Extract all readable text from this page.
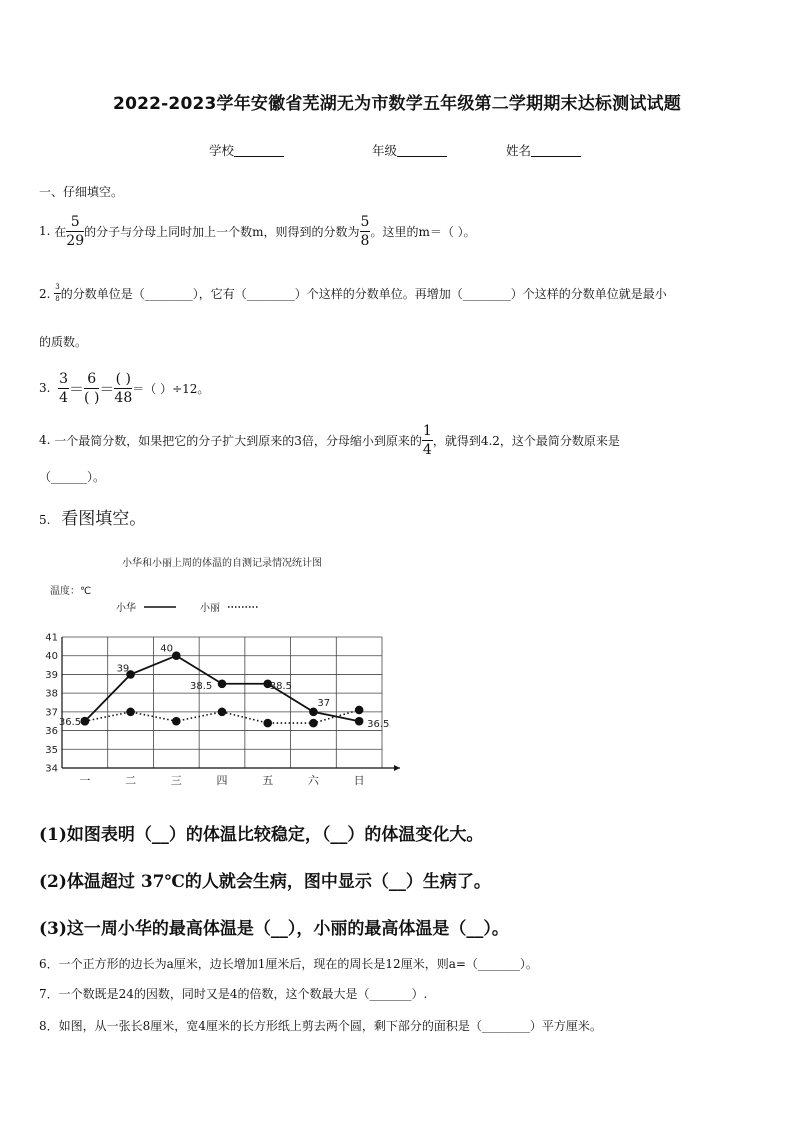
2022-2023学年安徽省芜湖无为市数学五年级第二学期期末达标测试试题
学校	年级	姓名
一、仔细填空。
1.
在 $\frac{5}{29}$ 的分子与分母上同时加上一个数m，则得到的分数为 $\frac{5}{8}$ 。这里的m＝（ ）。
2.
$\frac{3}{8}$ 的分数单位是（________），它有（________）个这样的分数单位。再增加（________）个这样的分数单位就是最小
的质数。
3.
$\frac{3}{4} = \frac{6}{( )} = \frac{( )}{48}$ ＝（ ）÷12。
4.
一个最简分数，如果把它的分子扩大到原来的3倍，分母缩小到原来的 $\frac{1}{4}$ ，就得到4.2，这个最简分数原来是
（______）。
5. 看图填空。
小华和小丽上周的体温的自测记录情况统计图
温度：℃
小华	小丽
34
35
36
37
38
39
40
41
一	二	三	四	五	六	日
36.5
39
40
38.5	38.5
37
36.5
(1)如图表明（__）的体温比较稳定，（__）的体温变化大。
(2)体温超过 37℃的人就会生病，图中显示（__）生病了。
(3)这一周小华的最高体温是（__），小丽的最高体温是（__）。
6．一个正方形的边长为a厘米，边长增加1厘米后，现在的周长是12厘米，则a=（_______）。
7．一个数既是24的因数，同时又是4的倍数，这个数最大是（_______）.
8．如图，从一张长8厘米，宽4厘米的长方形纸上剪去两个圆，剩下部分的面积是（________）平方厘米。
